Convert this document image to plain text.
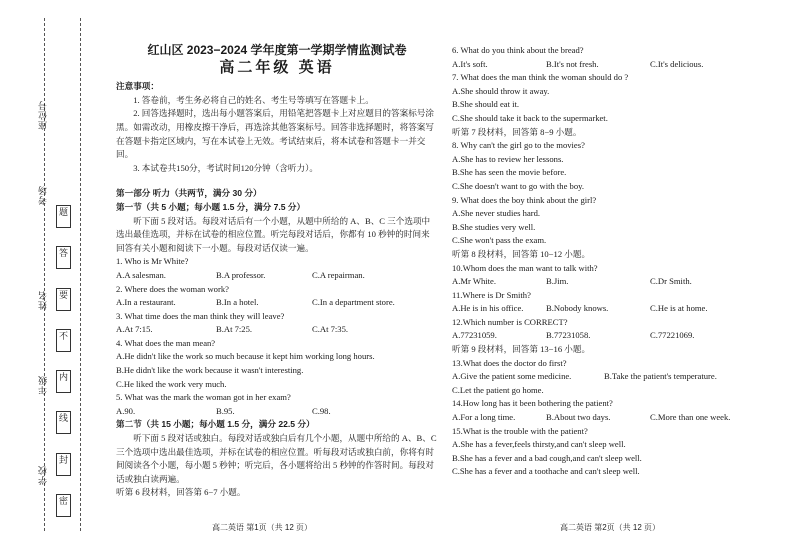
座位号
考场
姓名
年级
学校
题 答 要 不 内 线 封 密

红山区 2023−2024 学年度第一学期学情监测试卷

高二年级 英语

注意事项：

1. 答卷前，考生务必将自己的姓名、考生号等填写在答题卡上。

2. 回答选择题时，选出每小题答案后，用铅笔把答题卡上对应题目的答案标号涂黑。如需改动，用橡皮擦干净后，再选涂其他答案标号。回答非选择题时，将答案写在答题卡指定区域内，写在本试卷上无效。考试结束后，将本试卷和答题卡一并交回。

3. 本试卷共150分，考试时间120分钟（含听力）。

第一部分 听力（共两节，满分 30 分）

第一节（共 5 小题；每小题 1.5 分，满分 7.5 分）

听下面 5 段对话。每段对话后有一个小题，从题中所给的 A、B、C 三个选项中选出最佳选项，并标在试卷的相应位置。听完每段对话后，你都有 10 秒钟的时间来回答有关小题和阅读下一小题。每段对话仅读一遍。

1. Who is Mr White?

A.A salesman.	B.A professor.	C.A repairman.

2. Where does the woman work?

A.In a restaurant.	B.In a hotel.	C.In a department store.

3. What time does the man think they will leave?

A.At 7:15.	B.At 7:25.	C.At 7:35.

4. What does the man mean?

A.He didn't like the work so much because it kept him working long hours.

B.He didn't like the work because it wasn't interesting.

C.He liked the work very much.

5. What was the mark the woman got in her exam?

A.90.	B.95.	C.98.

第二节（共 15 小题；每小题 1.5 分，满分 22.5 分）

听下面 5 段对话或独白。每段对话或独白后有几个小题，从题中所给的 A、B、C 三个选项中选出最佳选项，并标在试卷的相应位置。听每段对话或独白前，你将有时间阅读各个小题，每小题 5 秒钟；听完后，各小题将给出 5 秒钟的作答时间。每段对话或独白读两遍。

听第 6 段材料，回答第 6−7 小题。

6. What do you think about the bread?

A.It's soft.	B.It's not fresh.	C.It's delicious.

7. What does the man think the woman should do ?

A.She should throw it away.

B.She should eat it.

C.She should take it back to the supermarket.

听第 7 段材料，回答第 8−9 小题。

8. Why can't the girl go to the movies?

A.She has to review her lessons.

B.She has seen the movie before.

C.She doesn't want to go with the boy.

9. What does the boy think about the girl?

A.She never studies hard.

B.She studies very well.

C.She won't pass the exam.

听第 8 段材料，回答第 10−12 小题。

10.Whom does the man want to talk with?

A.Mr White.	B.Jim.	C.Dr Smith.

11.Where is Dr Smith?

A.He is in his office.	B.Nobody knows.	C.He is at home.

12.Which number is CORRECT?

A.77231059.	B.77231058.	C.77221069.

听第 9 段材料，回答第 13−16 小题。

13.What does the doctor do first?

A.Give the patient some medicine.	B.Take the patient's temperature.

C.Let the patient go home.

14.How long has it been bothering the patient?

A.For a long time.	B.About two days.	C.More than one week.

15.What is the trouble with the patient?

A.She has a fever,feels thirsty,and can't sleep well.

B.She has a fever and a bad cough,and can't sleep well.

C.She has a fever and a toothache and can't sleep well.

高二英语 第1页（共 12 页）	高二英语 第2页（共 12 页）
